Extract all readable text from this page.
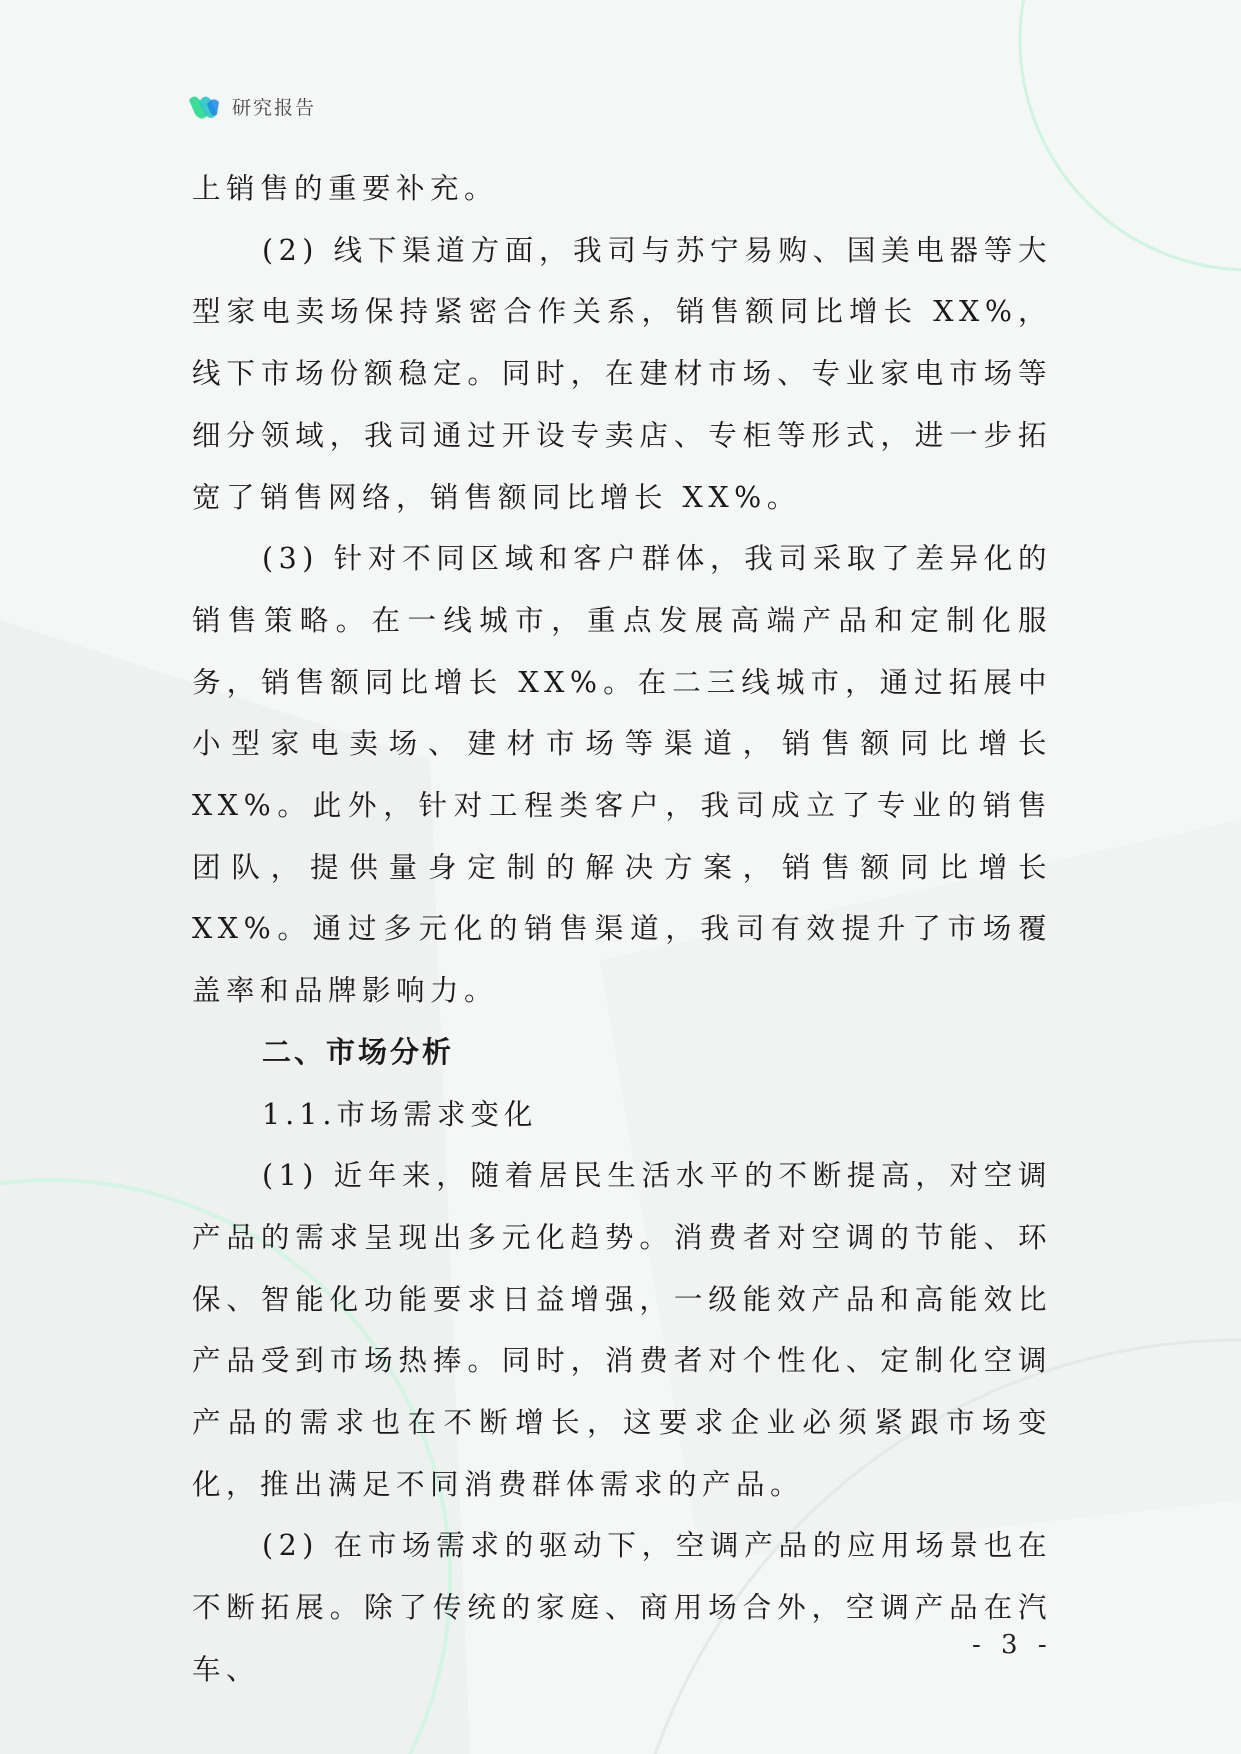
研究报告

上销售的重要补充。

(2) 线下渠道方面，我司与苏宁易购、国美电器等大型家电卖场保持紧密合作关系，销售额同比增长 XX%，线下市场份额稳定。同时，在建材市场、专业家电市场等细分领域，我司通过开设专卖店、专柜等形式，进一步拓宽了销售网络，销售额同比增长 XX%。

(3) 针对不同区域和客户群体，我司采取了差异化的销售策略。在一线城市，重点发展高端产品和定制化服务，销售额同比增长 XX%。在二三线城市，通过拓展中小型家电卖场、建材市场等渠道，销售额同比增长 XX%。此外，针对工程类客户，我司成立了专业的销售团队，提供量身定制的解决方案，销售额同比增长 XX%。通过多元化的销售渠道，我司有效提升了市场覆盖率和品牌影响力。

二、市场分析

1.1.市场需求变化

(1) 近年来，随着居民生活水平的不断提高，对空调产品的需求呈现出多元化趋势。消费者对空调的节能、环保、智能化功能要求日益增强，一级能效产品和高能效比产品受到市场热捧。同时，消费者对个性化、定制化空调产品的需求也在不断增长，这要求企业必须紧跟市场变化，推出满足不同消费群体需求的产品。

(2) 在市场需求的驱动下，空调产品的应用场景也在不断拓展。除了传统的家庭、商用场合外，空调产品在汽车、

- 3 -
